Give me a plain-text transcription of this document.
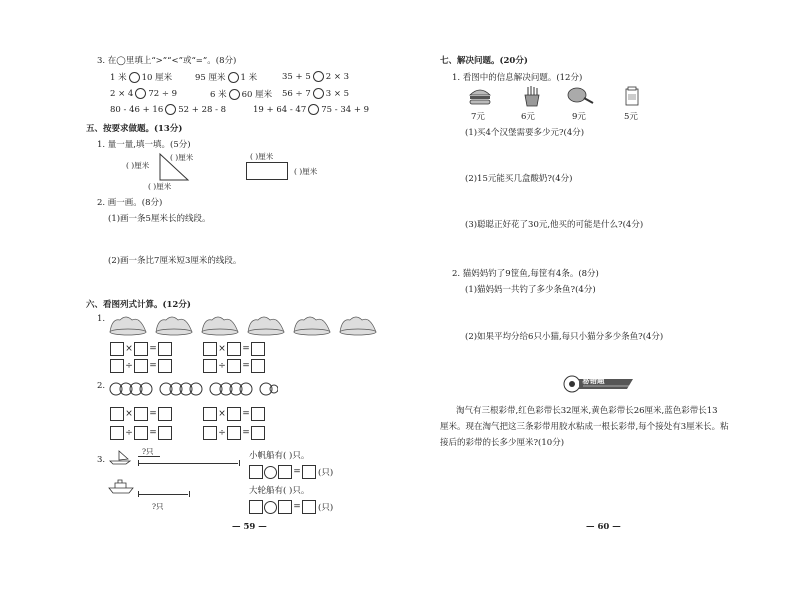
3. 在◯里填上“>”“<”或“=”。(8分)
1 米 10 厘米	95 厘米 1 米	35 + 5 2 × 3
2 × 4 72 ÷ 9	6 米 60 厘米 56 ÷ 7 3 × 5
80 - 46 + 16 52 + 28 - 8	19 + 64 - 47 75 - 34 + 9
五、按要求做题。(13分)
1. 量一量,填一填。(5分)
( )厘米
( )厘米
( )厘米
( )厘米
( )厘米
2. 画一画。(8分)
(1)画一条5厘米长的线段。
(2)画一条比7厘米短3厘米的线段。
六、看图列式计算。(12分)
1.
× =	× =
÷ =	÷ =
2.
× =	× =
÷ =	÷ =
3.
?只
?只
小帆船有( )只。
= (只)
大轮船有( )只。
= (只)
— 59 —
七、解决问题。(20分)
1. 看图中的信息解决问题。(12分)
7元	6元	9元	5元
(1)买4个汉堡需要多少元?(4分)
(2)15元能买几盒酸奶?(4分)
(3)聪聪正好花了30元,他买的可能是什么?(4分)
2. 猫妈妈钓了9筐鱼,每筐有4条。(8分)
(1)猫妈妈一共钓了多少条鱼?(4分)
(2)如果平均分给6只小猫,每只小猫分多少条鱼?(4分)
易错题
淘气有三根彩带,红色彩带长32厘米,黄色彩带长26厘米,蓝色彩带长13
厘米。现在淘气把这三条彩带用胶水粘成一根长彩带,每个接处有3厘米长。粘
接后的彩带的长多少厘米?(10分)
— 60 —
